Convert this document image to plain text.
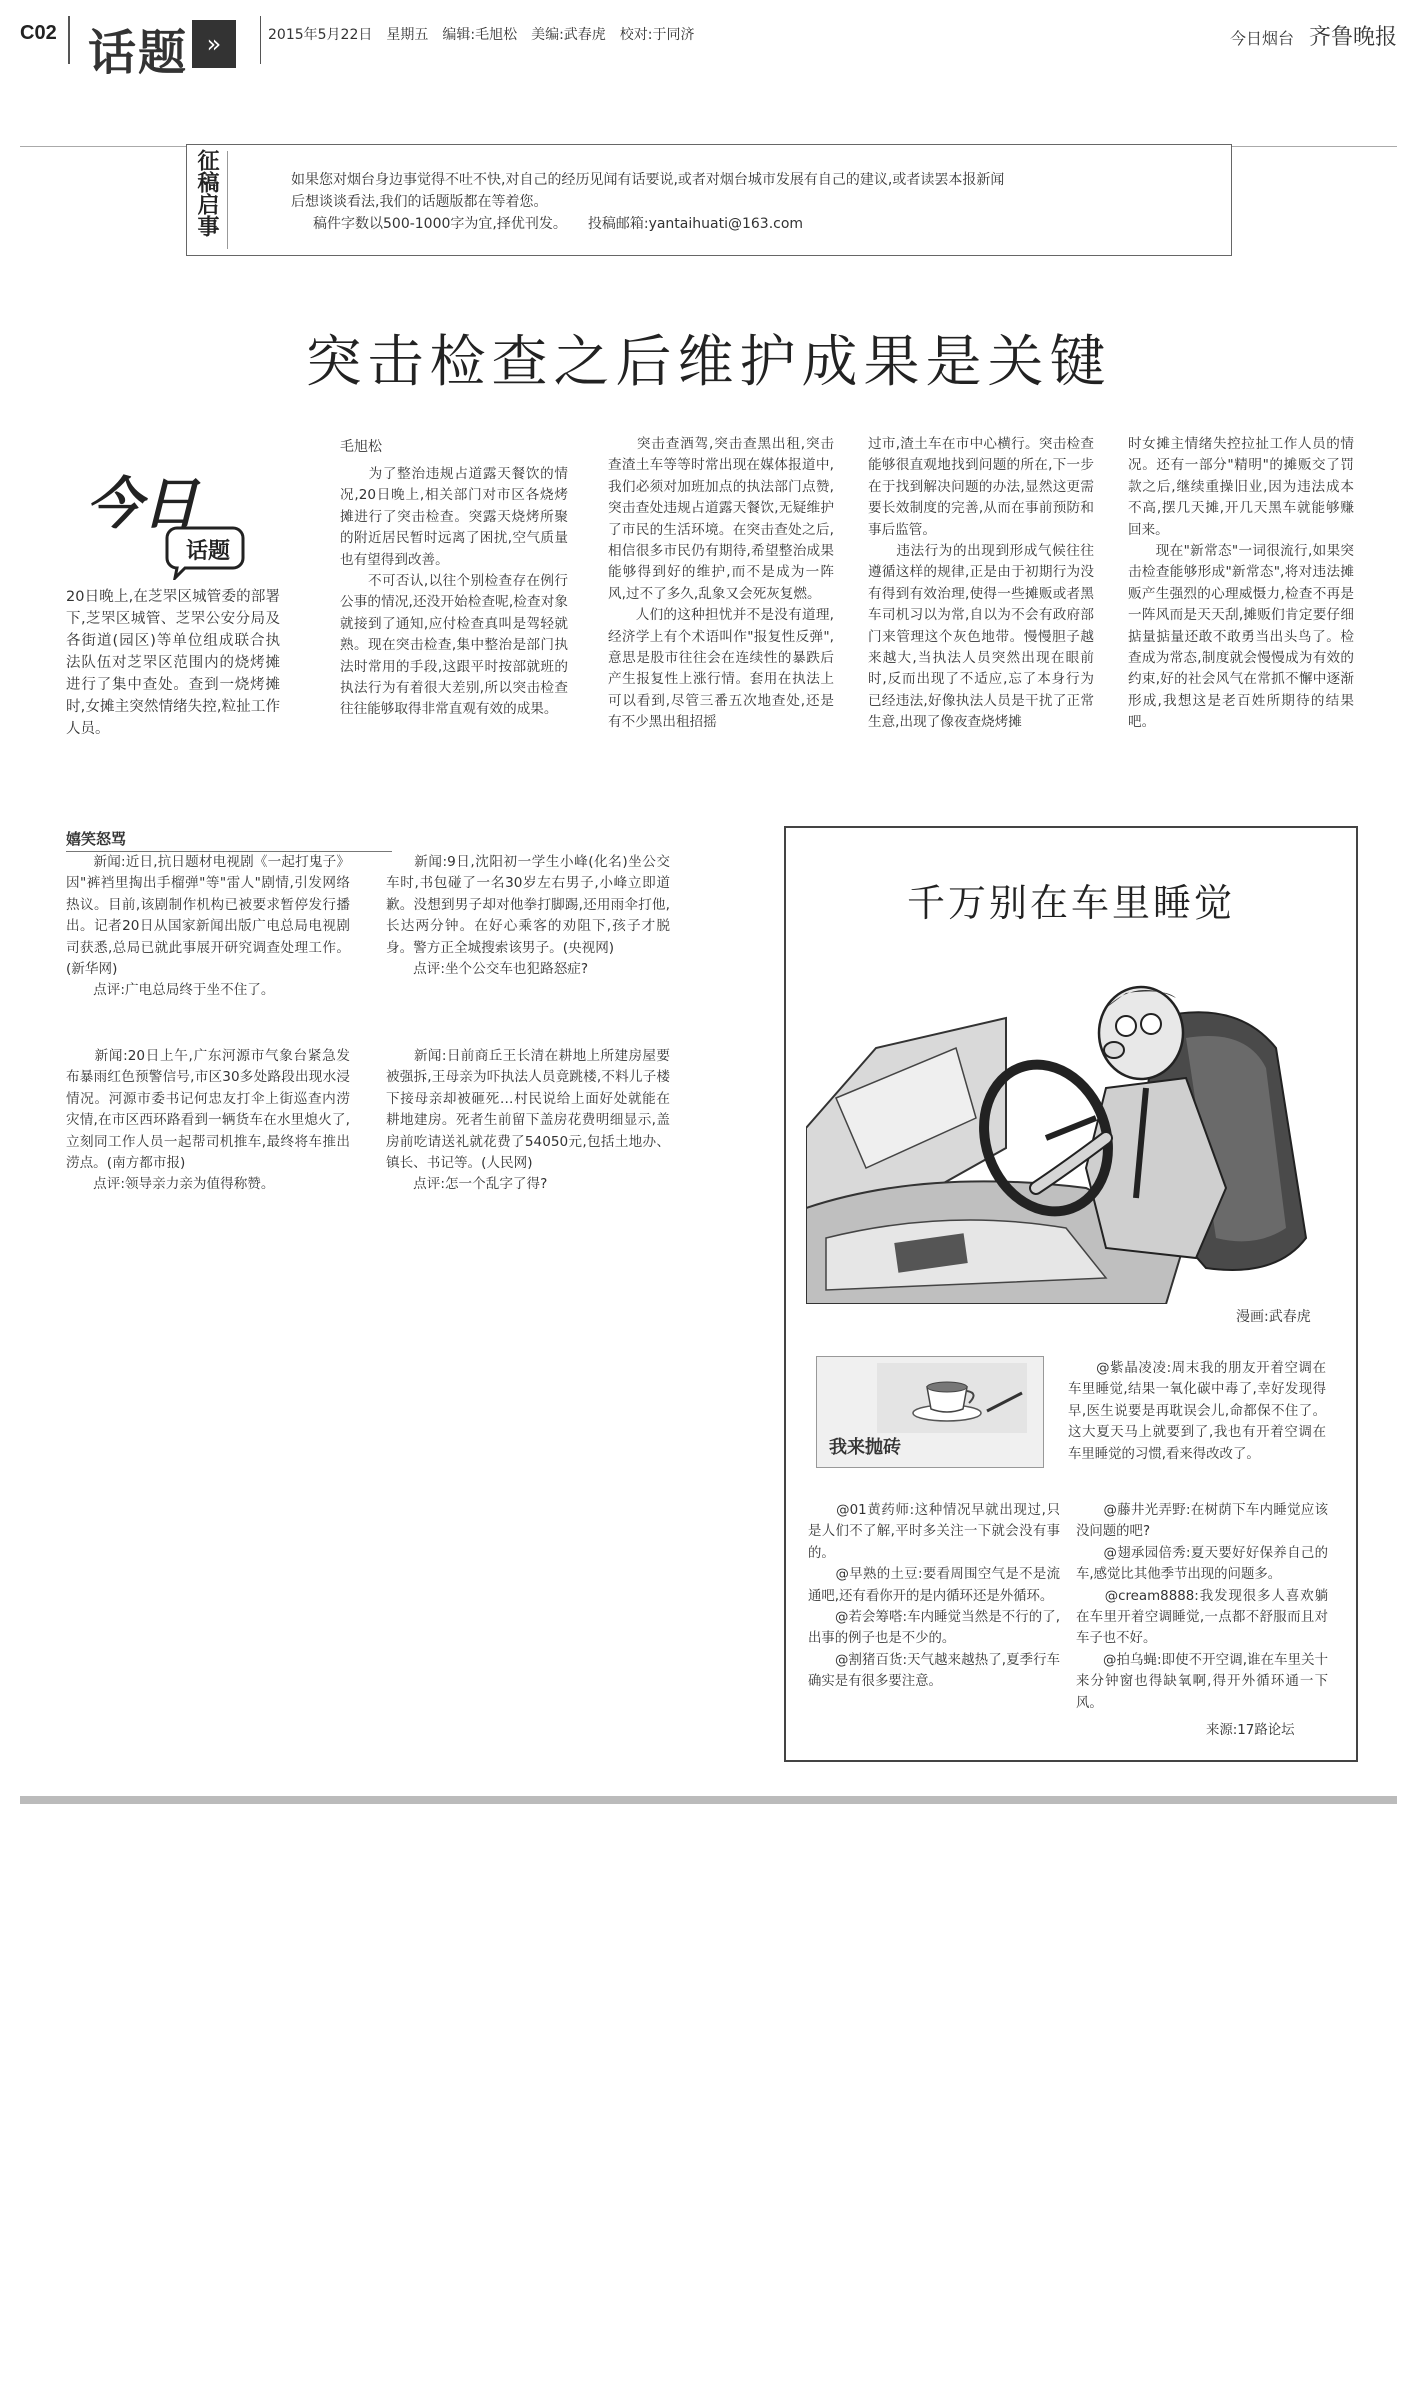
C02 话题 »	2015年5月22日　星期五　编辑:毛旭松　美编:武春虎　校对:于同济	今日烟台 齐鲁晚报
征稿启事	如果您对烟台身边事觉得不吐不快,对自己的经历见闻有话要说,或者对烟台城市发展有自己的建议,或者读罢本报新闻
后想谈谈看法,我们的话题版都在等着您。
稿件字数以500-1000字为宜,择优刊发。　　投稿邮箱:yantaihuati@163.com
突击检查之后维护成果是关键
今日
话题
20日晚上,在芝罘区城管委的部署下,芝罘区城管、芝罘公安分局及各街道(园区)等单位组成联合执法队伍对芝罘区范围内的烧烤摊进行了集中查处。查到一烧烤摊时,女摊主突然情绪失控,粒扯工作人员。
毛旭松
　　为了整治违规占道露天餐饮的情况,20日晚上,相关部门对市区各烧烤摊进行了突击检查。突露天烧烤所聚的附近居民暂时远离了困扰,空气质量也有望得到改善。
　　不可否认,以往个别检查存在例行公事的情况,还没开始检查呢,检查对象就接到了通知,应付检查真叫是驾轻就熟。现在突击检查,集中整治是部门执法时常用的手段,这跟平时按部就班的执法行为有着很大差别,所以突击检查往往能够取得非常直观有效的成果。
　　突击查酒驾,突击查黑出租,突击查渣土车等等时常出现在媒体报道中,我们必须对加班加点的执法部门点赞,突击查处违规占道露天餐饮,无疑维护了市民的生活环境。在突击查处之后,相信很多市民仍有期待,希望整治成果能够得到好的维护,而不是成为一阵风,过不了多久,乱象又会死灰复燃。
　　人们的这种担忧并不是没有道理,经济学上有个术语叫作"报复性反弹",意思是股市往往会在连续性的暴跌后产生报复性上涨行情。套用在执法上可以看到,尽管三番五次地查处,还是有不少黑出租招摇
过市,渣土车在市中心横行。突击检查能够很直观地找到问题的所在,下一步在于找到解决问题的办法,显然这更需要长效制度的完善,从而在事前预防和事后监管。
　　违法行为的出现到形成气候往往遵循这样的规律,正是由于初期行为没有得到有效治理,使得一些摊贩或者黑车司机习以为常,自以为不会有政府部门来管理这个灰色地带。慢慢胆子越来越大,当执法人员突然出现在眼前时,反而出现了不适应,忘了本身行为已经违法,好像执法人员是干扰了正常生意,出现了像夜查烧烤摊
时女摊主情绪失控拉扯工作人员的情况。还有一部分"精明"的摊贩交了罚款之后,继续重操旧业,因为违法成本不高,摆几天摊,开几天黑车就能够赚回来。
　　现在"新常态"一词很流行,如果突击检查能够形成"新常态",将对违法摊贩产生强烈的心理威慑力,检查不再是一阵风而是天天刮,摊贩们肯定要仔细掂量掂量还敢不敢勇当出头鸟了。检查成为常态,制度就会慢慢成为有效的约束,好的社会风气在常抓不懈中逐渐形成,我想这是老百姓所期待的结果吧。
嬉笑怒骂
　　新闻:近日,抗日题材电视剧《一起打鬼子》因"裤裆里掏出手榴弹"等"雷人"剧情,引发网络热议。目前,该剧制作机构已被要求暂停发行播出。记者20日从国家新闻出版广电总局电视剧司获悉,总局已就此事展开研究调查处理工作。(新华网)
　　点评:广电总局终于坐不住了。
　　新闻:9日,沈阳初一学生小峰(化名)坐公交车时,书包碰了一名30岁左右男子,小峰立即道歉。没想到男子却对他拳打脚踢,还用雨伞打他,长达两分钟。在好心乘客的劝阻下,孩子才脱身。警方正全城搜索该男子。(央视网)
　　点评:坐个公交车也犯路怒症?
　　新闻:20日上午,广东河源市气象台紧急发布暴雨红色预警信号,市区30多处路段出现水浸情况。河源市委书记何忠友打伞上街巡查内涝灾情,在市区西环路看到一辆货车在水里熄火了,立刻同工作人员一起帮司机推车,最终将车推出涝点。(南方都市报)
　　点评:领导亲力亲为值得称赞。
　　新闻:日前商丘王长清在耕地上所建房屋要被强拆,王母亲为吓执法人员竟跳楼,不料儿子楼下接母亲却被砸死…村民说给上面好处就能在耕地建房。死者生前留下盖房花费明细显示,盖房前吃请送礼就花费了54050元,包括土地办、镇长、书记等。(人民网)
　　点评:怎一个乱字了得?
千万别在车里睡觉
漫画:武春虎
我来抛砖
　　@紫晶凌凌:周末我的朋友开着空调在车里睡觉,结果一氧化碳中毒了,幸好发现得早,医生说要是再耽误会儿,命都保不住了。这大夏天马上就要到了,我也有开着空调在车里睡觉的习惯,看来得改改了。
　　@01黄药师:这种情况早就出现过,只是人们不了解,平时多关注一下就会没有事的。
　　@早熟的土豆:要看周围空气是不是流通吧,还有看你开的是内循环还是外循环。
　　@若会筹嗒:车内睡觉当然是不行的了,出事的例子也是不少的。
　　@割猪百货:天气越来越热了,夏季行车确实是有很多要注意。
　　@藤井光弄野:在树荫下车内睡觉应该没问题的吧?
　　@翅承园倍秀:夏天要好好保养自己的车,感觉比其他季节出现的问题多。
　　@cream8888:我发现很多人喜欢躺在车里开着空调睡觉,一点都不舒服而且对车子也不好。
　　@拍乌蝇:即使不开空调,谁在车里关十来分钟窗也得缺氧啊,得开外循环通一下风。
来源:17路论坛
